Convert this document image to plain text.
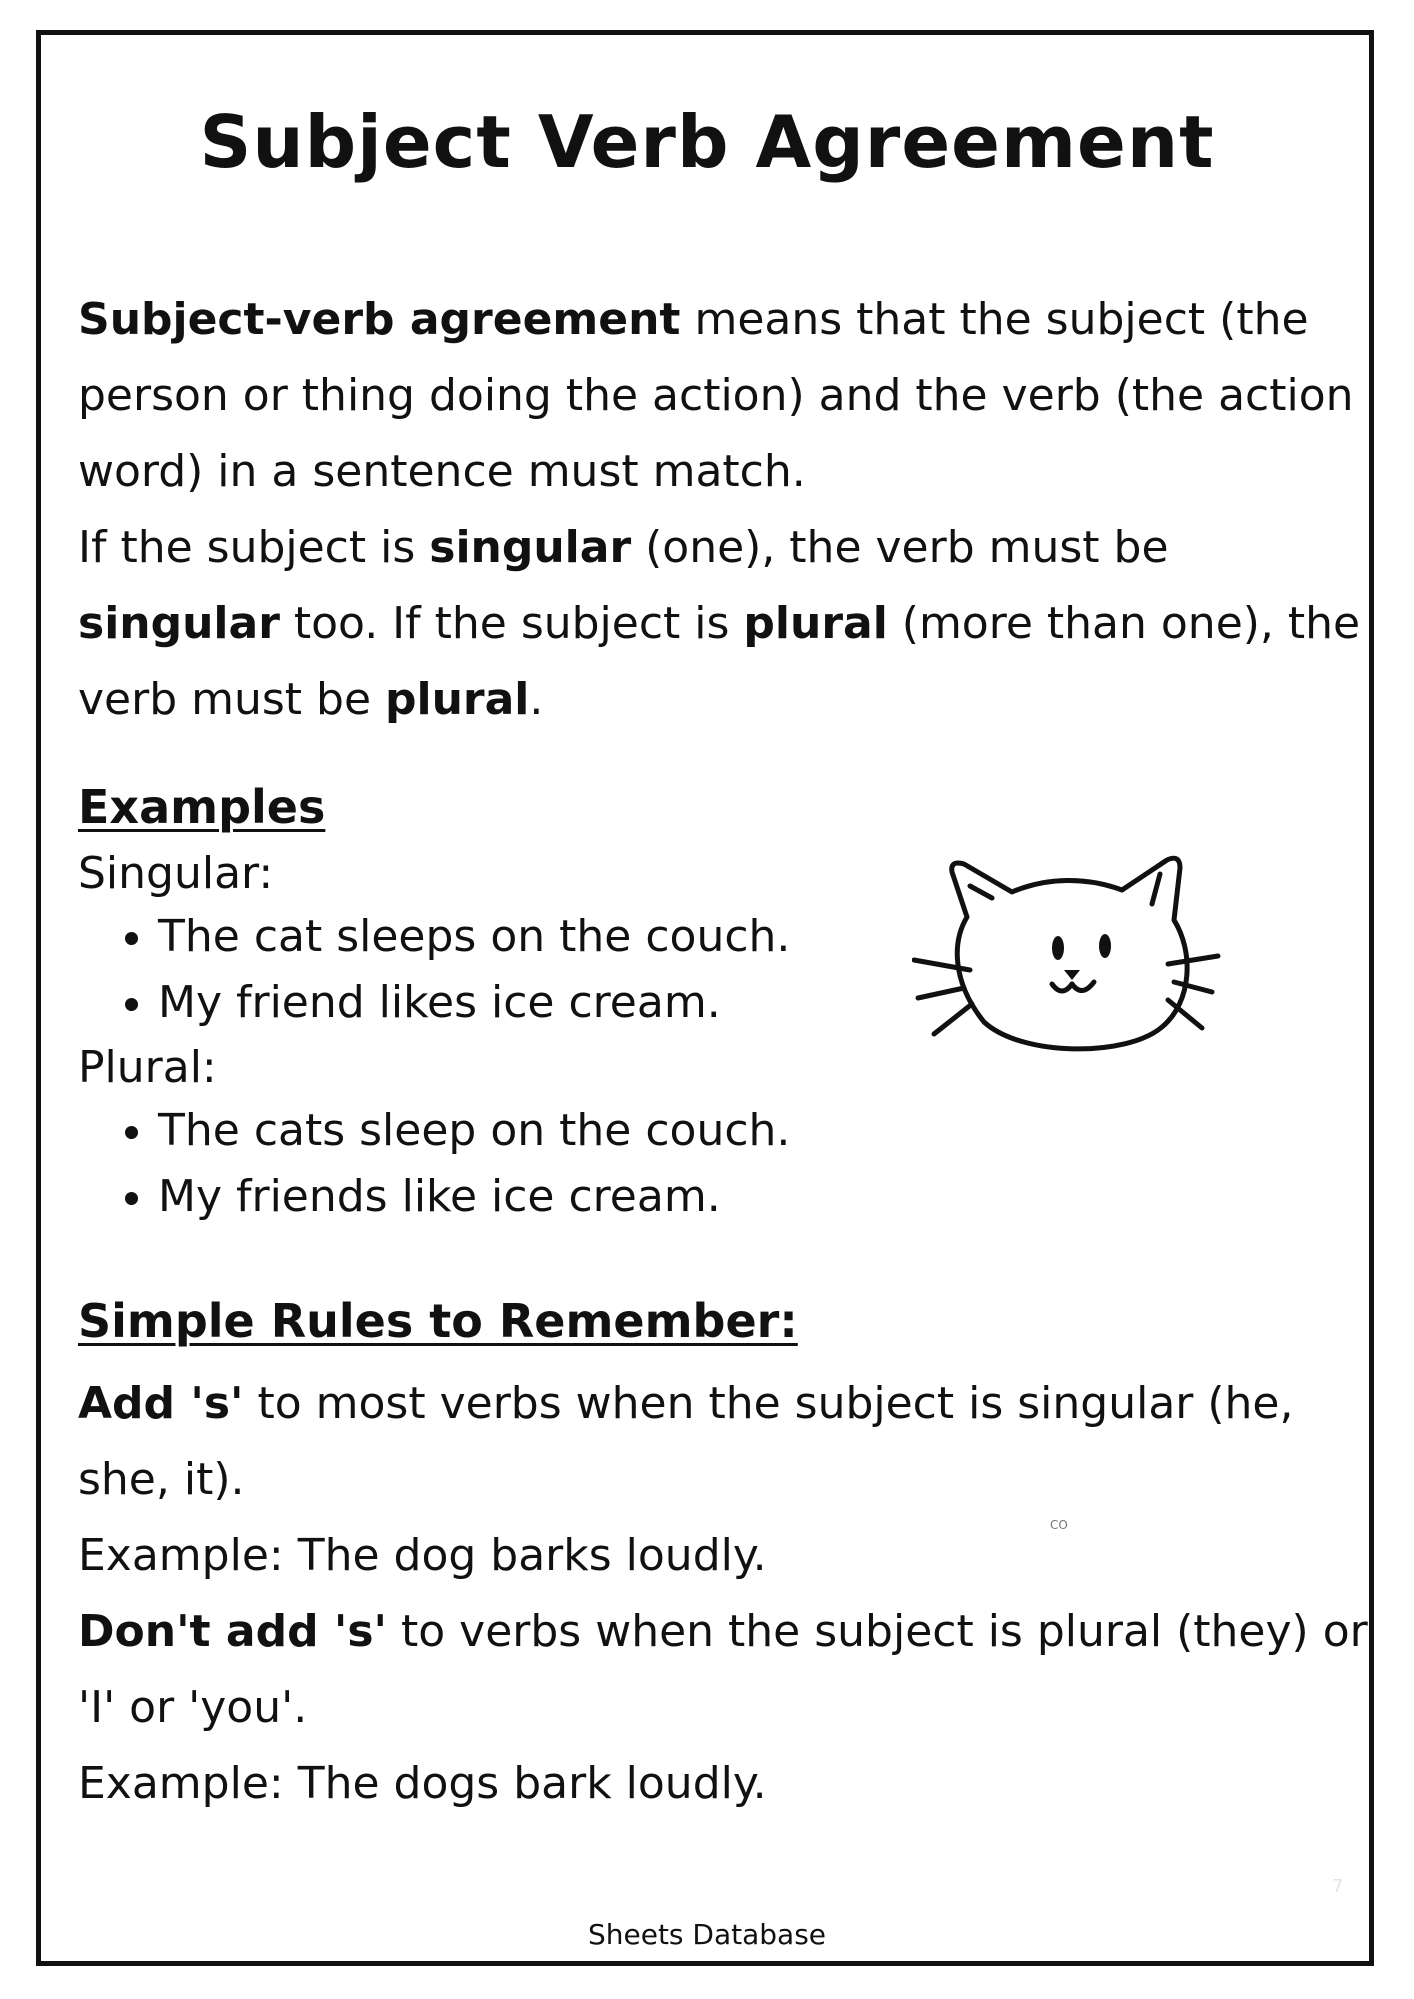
Subject Verb Agreement

Subject-verb agreement means that the subject (the person or thing doing the action) and the verb (the action word) in a sentence must match.

If the subject is singular (one), the verb must be singular too. If the subject is plural (more than one), the verb must be plural.

Examples
Singular:
• The cat sleeps on the couch.
• My friend likes ice cream.
Plural:
• The cats sleep on the couch.
• My friends like ice cream.
Simple Rules to Remember:

Add 's' to most verbs when the subject is singular (he, she, it).

Example: The dog barks loudly.

Don't add 's' to verbs when the subject is plural (they) or 'I' or 'you'.

Example: The dogs bark loudly.

CO
7
Sheets Database
